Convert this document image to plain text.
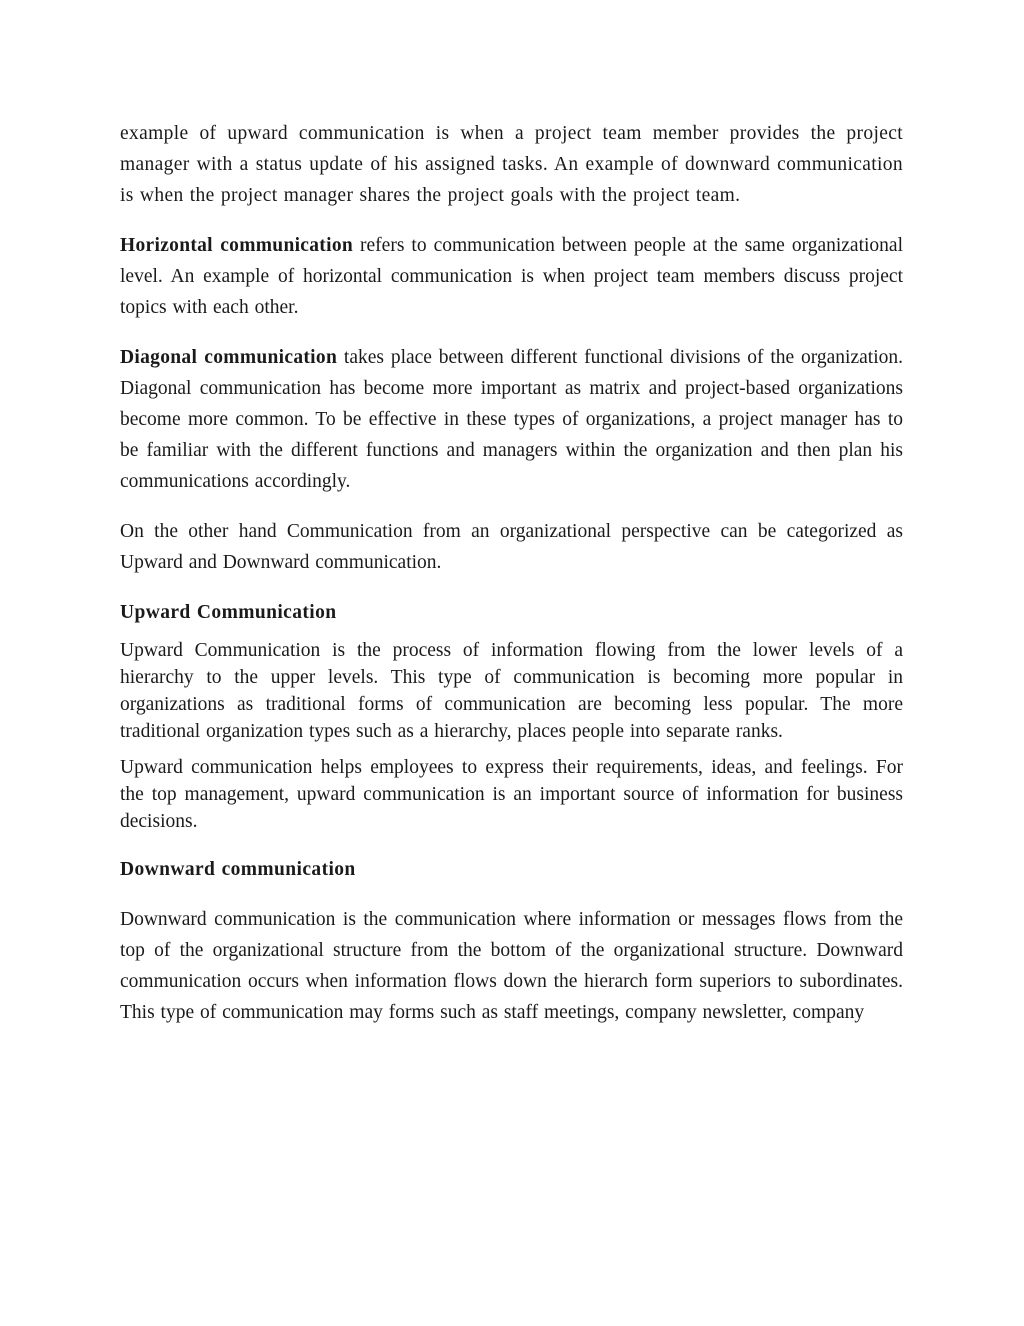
example of upward communication is when a project team member provides the project manager with a status update of his assigned tasks. An example of downward communication is when the project manager shares the project goals with the project team.

Horizontal communication refers to communication between people at the same organizational level. An example of horizontal communication is when project team members discuss project topics with each other.

Diagonal communication takes place between different functional divisions of the organization. Diagonal communication has become more important as matrix and project-based organizations become more common. To be effective in these types of organizations, a project manager has to be familiar with the different functions and managers within the organization and then plan his communications accordingly.

On the other hand Communication from an organizational perspective can be categorized as Upward and Downward communication.

Upward Communication

Upward Communication is the process of information flowing from the lower levels of a hierarchy to the upper levels. This type of communication is becoming more popular in organizations as traditional forms of communication are becoming less popular. The more traditional organization types such as a hierarchy, places people into separate ranks.

Upward communication helps employees to express their requirements, ideas, and feelings. For the top management, upward communication is an important source of information for business decisions.

Downward communication

Downward communication is the communication where information or messages flows from the top of the organizational structure from the bottom of the organizational structure. Downward communication occurs when information flows down the hierarch form superiors to subordinates. This type of communication may forms such as staff meetings, company newsletter, company
